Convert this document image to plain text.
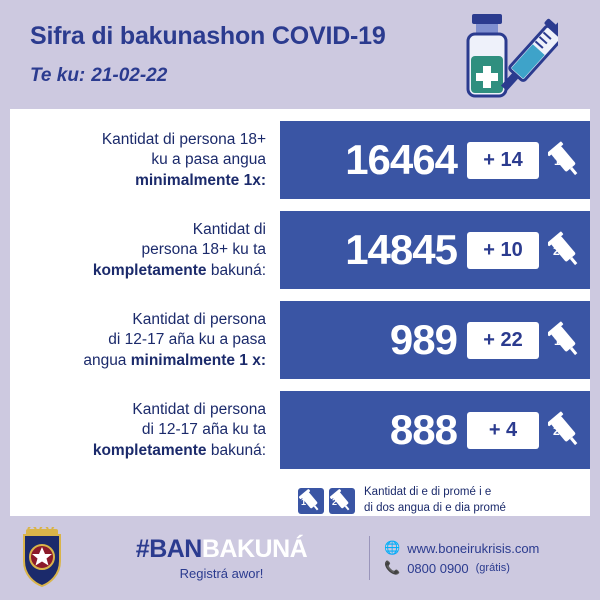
Sifra di bakunashon COVID-19
Te ku: 21-02-22
Kantidat di persona 18+
ku a pasa angua
minimalmente 1x:	16464	+ 14	1
Kantidat di
persona 18+ ku ta
kompletamente bakuná:	14845	+ 10	2
Kantidat di persona
di 12-17 aña ku a pasa
angua minimalmente 1 x:	989	+ 22	1
Kantidat di persona
di 12-17 aña ku ta
kompletamente bakuná:	888	+ 4	2
1	2
Kantidat di e di promé i e
di dos angua di e dia promé
#BANBAKUNÁ
Registrá awor!
🌐 www.boneirukrisis.com
📞 0800 0900 (grátis)
